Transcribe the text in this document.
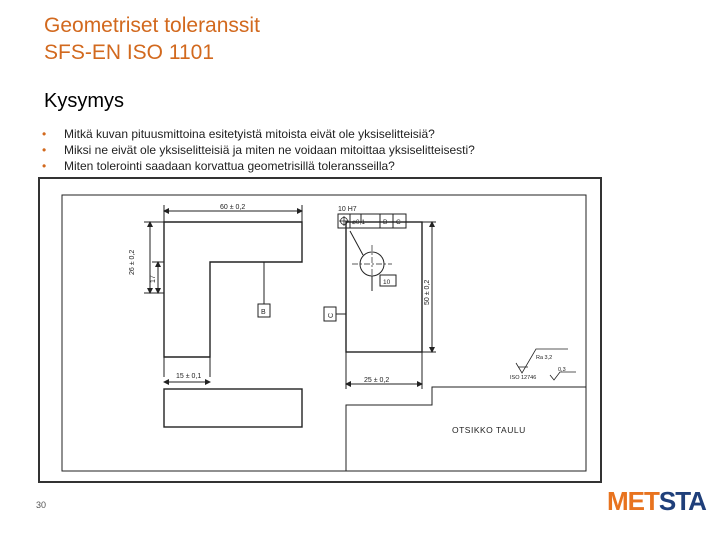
Geometriset toleranssit
SFS-EN ISO 1101
Kysymys
• Mitkä kuvan pituusmittoina esitetyistä mitoista eivät ole yksiselitteisiä?
• Miksi ne eivät ole yksiselitteisiä ja miten ne voidaan mitoittaa yksiselitteisesti?
• Miten tolerointi saadaan korvattua geometrisillä toleransseilla?
60 ± 0,2
26 ± 0,2
17
15 ± 0,1
25 ± 0,2
50 ± 0,2
10
10 H7
⌀0,1	B C
B	C
Ra 3,2
ISO 12746
0,3
OTSIKKO TAULU
30	METSTA
